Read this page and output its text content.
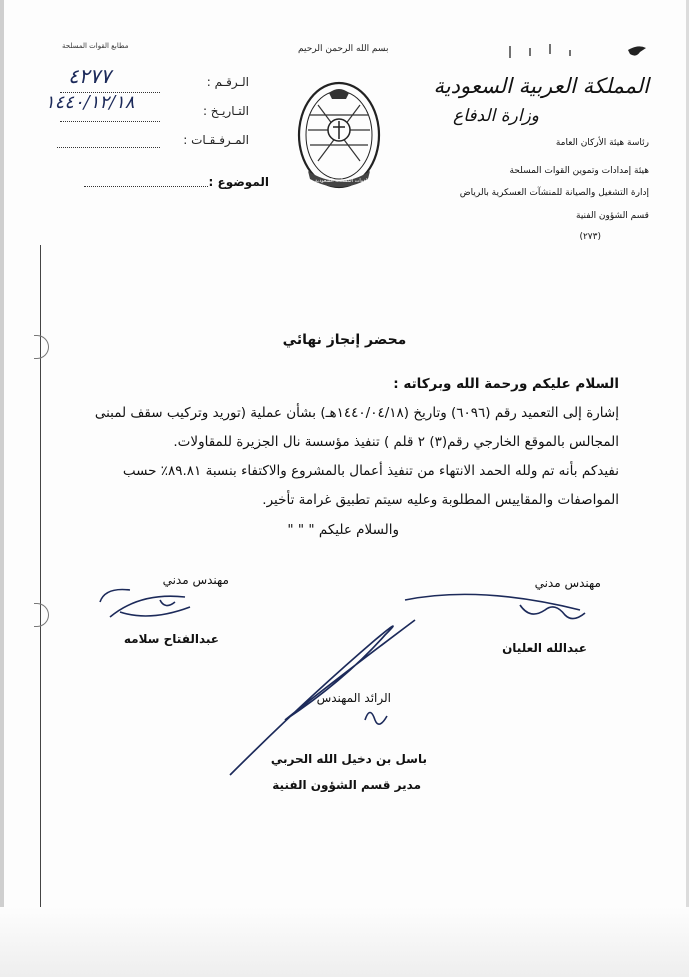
مطابع القوات المسلحة	بسم الله الرحمن الرحيم
الـرقـم :
٤٢٧٧
التـاريـخ :
١٤٤٠/١٢/١٨
المـرفـقـات :
الموضوع :	القوات المسلحة السعودية
المملكة العربية السعودية
وزارة الدفاع
رئاسة هيئة الأركان العامة
هيئة إمدادات وتموين القوات المسلحة
إدارة التشغيل والصيانة للمنشآت العسكرية بالرياض
قسم الشؤون الفنية
(٢٧٣)
محضر إنجاز نهائي
السلام عليكم ورحمة الله وبركاته :
إشارة إلى التعميد رقم (٦٠٩٦) وتاريخ (١٤٤٠/٠٤/١٨هـ) بشأن عملية (توريد وتركيب سقف لمبنى
المجالس بالموقع الخارجي رقم(٣) ٢ قلم ) تنفيذ مؤسسة نال الجزيرة للمقاولات.
نفيدكم بأنه تم ولله الحمد الانتهاء من تنفيذ أعمال بالمشروع والاكتفاء بنسبة ٨٩.٨١٪ حسب
المواصفات والمقاييس المطلوبة وعليه سيتم تطبيق غرامة تأخير.
والسلام عليكم " " "
مهندس مدني
عبدالله العليان
مهندس مدني
عبدالفتاح سلامه
الرائد المهندس
باسل بن دخيل الله الحربي
مدير قسم الشؤون الفنية
